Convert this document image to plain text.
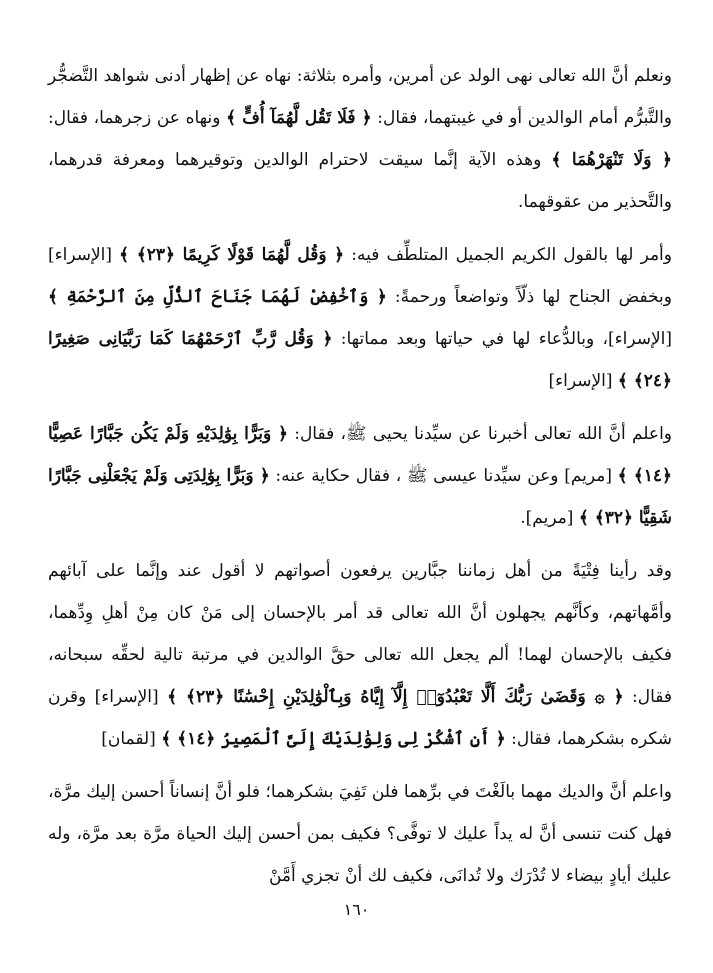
ونعلم أنَّ الله تعالى نهى الولد عن أمرين، وأمره بثلاثة: نهاه عن إظهار أدنى شواهد التَّضجُّر والتَّبرُّم أمام الوالدين أو في غيبتهما، فقال: ﴿ فَلَا تَقُل لَّهُمَآ أُفٍّ ﴾ ونهاه عن زجرهما، فقال: ﴿ وَلَا تَنْهَرْهُمَا ﴾ وهذه الآية إنَّما سيقت لاحترام الوالدين وتوقيرهما ومعرفة قدرهما، والتَّحذير من عقوقهما.

وأمر لها بالقول الكريم الجميل المتلطِّف فيه: ﴿ وَقُل لَّهُمَا قَوْلًا كَرِيمًا ﴿٢٣﴾ ﴾ [الإسراء] وبخفض الجناح لها ذلّاً وتواضعاً ورحمةً: ﴿ وَٱخْفِضْ لَهُمَا جَنَاحَ ٱلذُّلِّ مِنَ ٱلرَّحْمَةِ ﴾ [الإسراء]، وبالدُّعاء لها في حياتها وبعد مماتها: ﴿ وَقُل رَّبِّ ٱرْحَمْهُمَا كَمَا رَبَّيَانِى صَغِيرًا ﴿٢٤﴾ ﴾ [الإسراء]

واعلم أنَّ الله تعالى أخبرنا عن سيِّدنا يحيى ﷺ، فقال: ﴿ وَبَرًّا بِوَٰلِدَيْهِ وَلَمْ يَكُن جَبَّارًا عَصِيًّا ﴿١٤﴾ ﴾ [مريم] وعن سيِّدنا عيسى ﷺ ، فقال حكاية عنه: ﴿ وَبَرًّا بِوَٰلِدَتِى وَلَمْ يَجْعَلْنِى جَبَّارًا شَقِيًّا ﴿٣٢﴾ ﴾ [مريم].

وقد رأينا فِتْيَةً من أهل زماننا جبَّارين يرفعون أصواتهم لا أقول عند وإنَّما على آبائهم وأمَّهاتهم، وكأنَّهم يجهلون أنَّ الله تعالى قد أمر بالإحسان إلى مَنْ كان مِنْ أهلِ وِدِّهما، فكيف بالإحسان لهما! ألم يجعل الله تعالى حقَّ الوالدين في مرتبة تالية لحقِّه سبحانه، فقال: ﴿ ۞ وَقَضَىٰ رَبُّكَ أَلَّا تَعْبُدُوٓا۟ إِلَّآ إِيَّاهُ وَبِٱلْوَٰلِدَيْنِ إِحْسَٰنًا ﴿٢٣﴾ ﴾ [الإسراء] وقرن شكره بشكرهما، فقال: ﴿ أَنِ ٱشْكُرْ لِى وَلِوَٰلِدَيْكَ إِلَىَّ ٱلْمَصِيرُ ﴿١٤﴾ ﴾ [لقمان]

واعلم أنَّ والديك مهما بالَغْتَ في برِّهما فلن تَفِيَ بشكرهما؛ فلو أنَّ إنساناً أحسن إليك مرَّة، فهل كنت تنسى أنَّ له يداً عليك لا توفَّى؟ فكيف بمن أحسن إليك الحياة مرَّة بعد مرَّة، وله عليك أيادٍ بيضاء لا تُدْرَك ولا تُدانَى، فكيف لك أنْ تجزي أَمَّنْ

١٦٠
